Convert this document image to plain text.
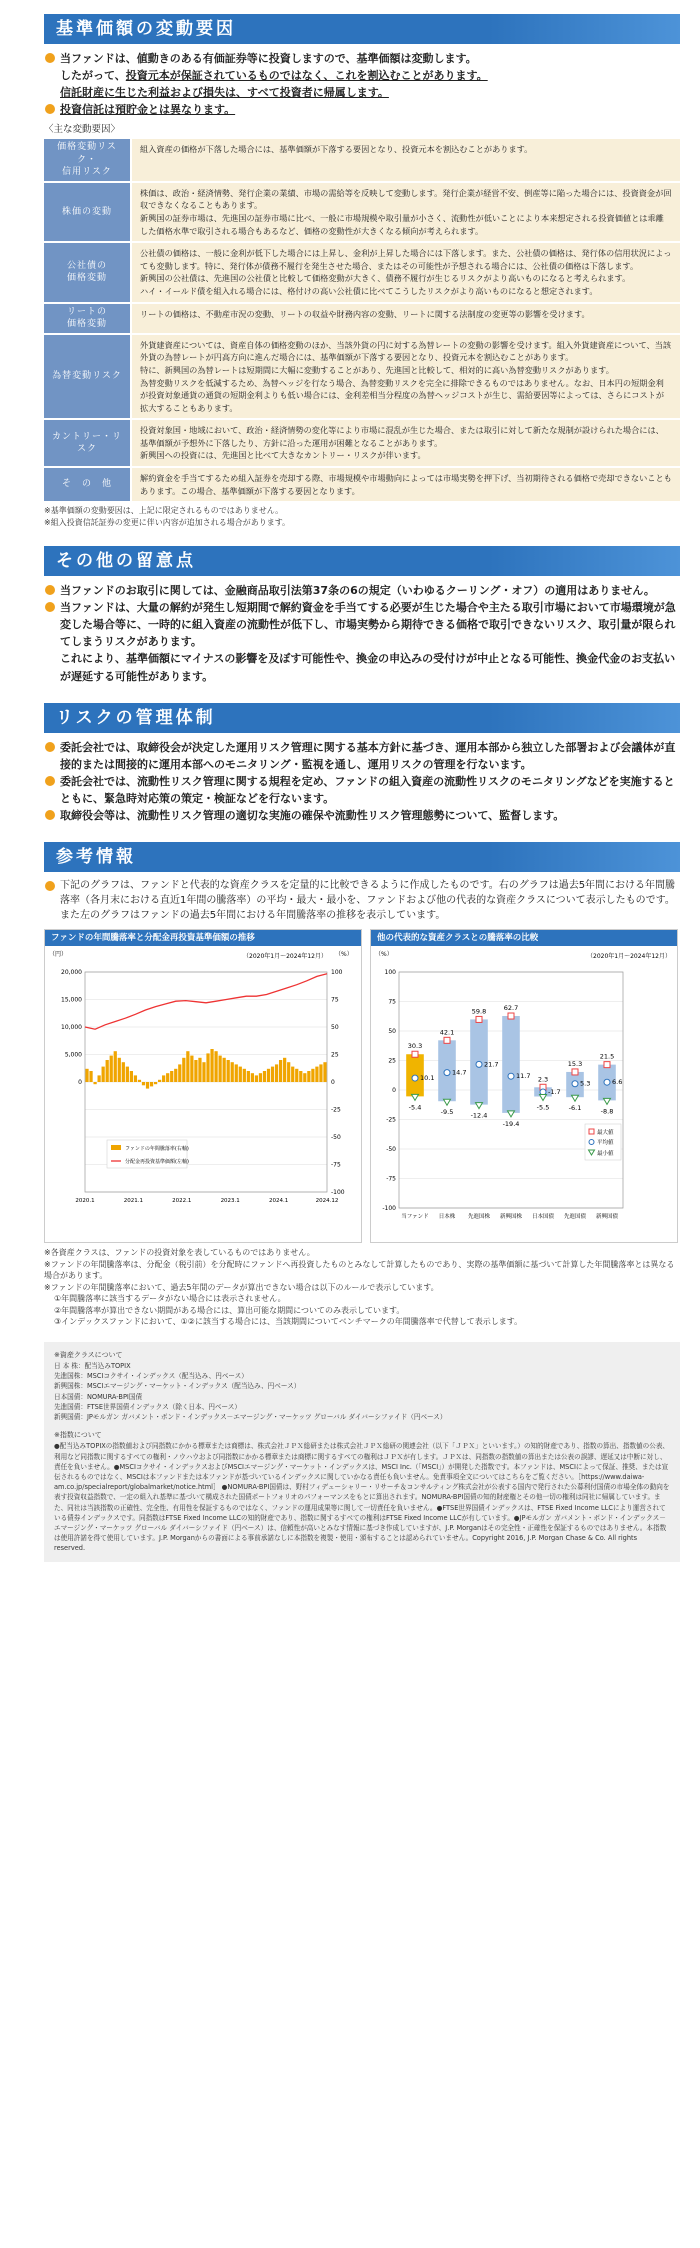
基準価額の変動要因
当ファンドは、値動きのある有価証券等に投資しますので、基準価額は変動します。
したがって、投資元本が保証されているものではなく、これを割込むことがあります。
信託財産に生じた利益および損失は、すべて投資者に帰属します。
投資信託は預貯金とは異なります。
〈主な変動要因〉
価格変動リスク・
信用リスク	組入資産の価格が下落した場合には、基準価額が下落する要因となり、投資元本を割込むことがあります。
株価の変動	株価は、政治・経済情勢、発行企業の業績、市場の需給等を反映して変動します。発行企業が経営不安、倒産等に陥った場合には、投資資金が回収できなくなることもあります。
新興国の証券市場は、先進国の証券市場に比べ、一般に市場規模や取引量が小さく、流動性が低いことにより本来想定される投資価値とは乖離した価格水準で取引される場合もあるなど、価格の変動性が大きくなる傾向が考えられます。
公社債の
価格変動	公社債の価格は、一般に金利が低下した場合には上昇し、金利が上昇した場合には下落します。また、公社債の価格は、発行体の信用状況によっても変動します。特に、発行体が債務不履行を発生させた場合、またはその可能性が予想される場合には、公社債の価格は下落します。
新興国の公社債は、先進国の公社債と比較して価格変動が大きく、債務不履行が生じるリスクがより高いものになると考えられます。
ハイ・イールド債を組入れる場合には、格付けの高い公社債に比べてこうしたリスクがより高いものになると想定されます。
リートの
価格変動	リートの価格は、不動産市況の変動、リートの収益や財務内容の変動、リートに関する法制度の変更等の影響を受けます。
為替変動リスク	外貨建資産については、資産自体の価格変動のほか、当該外貨の円に対する為替レートの変動の影響を受けます。組入外貨建資産について、当該外貨の為替レートが円高方向に進んだ場合には、基準価額が下落する要因となり、投資元本を割込むことがあります。
特に、新興国の為替レートは短期間に大幅に変動することがあり、先進国と比較して、相対的に高い為替変動リスクがあります。
為替変動リスクを低減するため、為替ヘッジを行なう場合、為替変動リスクを完全に排除できるものではありません。なお、日本円の短期金利が投資対象通貨の通貨の短期金利よりも低い場合には、金利差相当分程度の為替ヘッジコストが生じ、需給要因等によっては、さらにコストが拡大することもあります。
カントリー・リスク	投資対象国・地域において、政治・経済情勢の変化等により市場に混乱が生じた場合、または取引に対して新たな規制が設けられた場合には、基準価額が予想外に下落したり、方針に沿った運用が困難となることがあります。
新興国への投資には、先進国と比べて大きなカントリー・リスクが伴います。
そ　の　他	解約資金を手当てするため組入証券を売却する際、市場規模や市場動向によっては市場実勢を押下げ、当初期待される価格で売却できないこともあります。この場合、基準価額が下落する要因となります。
※基準価額の変動要因は、上記に限定されるものではありません。
※組入投資信託証券の変更に伴い内容が追加される場合があります。
その他の留意点
当ファンドのお取引に関しては、金融商品取引法第37条の6の規定（いわゆるクーリング・オフ）の適用はありません。
当ファンドは、大量の解約が発生し短期間で解約資金を手当てする必要が生じた場合や主たる取引市場において市場環境が急変した場合等に、一時的に組入資産の流動性が低下し、市場実勢から期待できる価格で取引できないリスク、取引量が限られてしまうリスクがあります。
これにより、基準価額にマイナスの影響を及ぼす可能性や、換金の申込みの受付けが中止となる可能性、換金代金のお支払いが遅延する可能性があります。
リスクの管理体制
委託会社では、取締役会が決定した運用リスク管理に関する基本方針に基づき、運用本部から独立した部署および会議体が直接的または間接的に運用本部へのモニタリング・監視を通し、運用リスクの管理を行ないます。
委託会社では、流動性リスク管理に関する規程を定め、ファンドの組入資産の流動性リスクのモニタリングなどを実施するとともに、緊急時対応策の策定・検証などを行ないます。
取締役会等は、流動性リスク管理の適切な実施の確保や流動性リスク管理態勢について、監督します。
参考情報
下記のグラフは、ファンドと代表的な資産クラスを定量的に比較できるように作成したものです。右のグラフは過去5年間における年間騰落率（各月末における直近1年間の騰落率）の平均・最大・最小を、ファンドおよび他の代表的な資産クラスについて表示したものです。また左のグラフはファンドの過去5年間における年間騰落率の推移を表示しています。
ファンドの年間騰落率と分配金再投資基準価額の推移
（円）	（%）
（2020年1月～2024年12月）
20,000
15,000
10,000
5,000
0
100
75
50
25
0
-25
-50
-75
-100
2020.1	2021.1	2022.1	2023.1	2024.1	2024.12
ファンドの年間騰落率(右軸)
分配金再投資基準価額(左軸)
他の代表的な資産クラスとの騰落率の比較
（%）	（2020年1月～2024年12月）
100
75
50
25
0
-25
-50
-75
-100
30.3
10.1
-5.4
当ファンド
42.1
14.7
-9.5
日本株
59.8
21.7
-12.4
先進国株
62.7
11.7
-19.4
新興国株
2.3
-1.7
-5.5
日本国債
15.3
5.3
-6.1
先進国債
21.5
6.6
-8.8
新興国債
最大値
平均値
最小値
※各資産クラスは、ファンドの投資対象を表しているものではありません。
※ファンドの年間騰落率は、分配金（税引前）を分配時にファンドへ再投資したものとみなして計算したものであり、実際の基準価額に基づいて計算した年間騰落率とは異なる場合があります。
※ファンドの年間騰落率において、過去5年間のデータが算出できない場合は以下のルールで表示しています。
①年間騰落率に該当するデータがない場合には表示されません。
②年間騰落率が算出できない期間がある場合には、算出可能な期間についてのみ表示しています。
③インデックスファンドにおいて、①②に該当する場合には、当該期間についてベンチマークの年間騰落率で代替して表示します。
※資産クラスについて
日 本 株：配当込みTOPIX
先進国株：MSCIコクサイ・インデックス（配当込み、円ベース）
新興国株：MSCIエマージング・マーケット・インデックス（配当込み、円ベース）
日本国債：NOMURA-BPI国債
先進国債：FTSE世界国債インデックス（除く日本、円ベース）
新興国債：JPモルガン ガバメント・ボンド・インデックス－エマージング・マーケッツ グローバル ダイバーシファイド（円ベース）
※指数について
●配当込みTOPIXの指数値および同指数にかかる標章または商標は、株式会社ＪＰＸ総研または株式会社ＪＰＸ総研の関連会社（以下「ＪＰＸ」といいます。）の知的財産であり、指数の算出、指数値の公表、利用など同指数に関するすべての権利・ノウハウおよび同指数にかかる標章または商標に関するすべての権利はＪＰＸが有します。ＪＰＸは、同指数の指数値の算出または公表の誤謬、遅延又は中断に対し、責任を負いません。●MSCIコクサイ・インデックスおよびMSCIエマージング・マーケット・インデックスは、MSCI Inc.（「MSCI」）が開発した指数です。本ファンドは、MSCIによって保証、推奨、または宣伝されるものではなく、MSCIは本ファンドまたは本ファンドが基づいているインデックスに関していかなる責任も負いません。免責事項全文についてはこちらをご覧ください。［https://www.daiwa-am.co.jp/specialreport/globalmarket/notice.html］ ●NOMURA-BPI国債は、野村フィデューシャリー・リサーチ＆コンサルティング株式会社が公表する国内で発行された公募利付国債の市場全体の動向を表す投資収益指数で、一定の組入れ基準に基づいて構成された国債ポートフォリオのパフォーマンスをもとに算出されます。NOMURA-BPI国債の知的財産権とその他一切の権利は同社に帰属しています。また、同社は当該指数の正確性、完全性、有用性を保証するものではなく、ファンドの運用成果等に関して一切責任を負いません。●FTSE世界国債インデックスは、FTSE Fixed Income LLCにより運営されている債券インデックスです。同指数はFTSE Fixed Income LLCの知的財産であり、指数に関するすべての権利はFTSE Fixed Income LLCが有しています。●JPモルガン ガバメント・ボンド・インデックス－エマージング・マーケッツ グローバル ダイバーシファイド（円ベース）は、信頼性が高いとみなす情報に基づき作成していますが、J.P. Morganはその完全性・正確性を保証するものではありません。本指数は使用許諾を得て使用しています。J.P. Morganからの書面による事前承諾なしに本指数を複製・使用・頒布することは認められていません。Copyright 2016, J.P. Morgan Chase & Co. All rights reserved.
